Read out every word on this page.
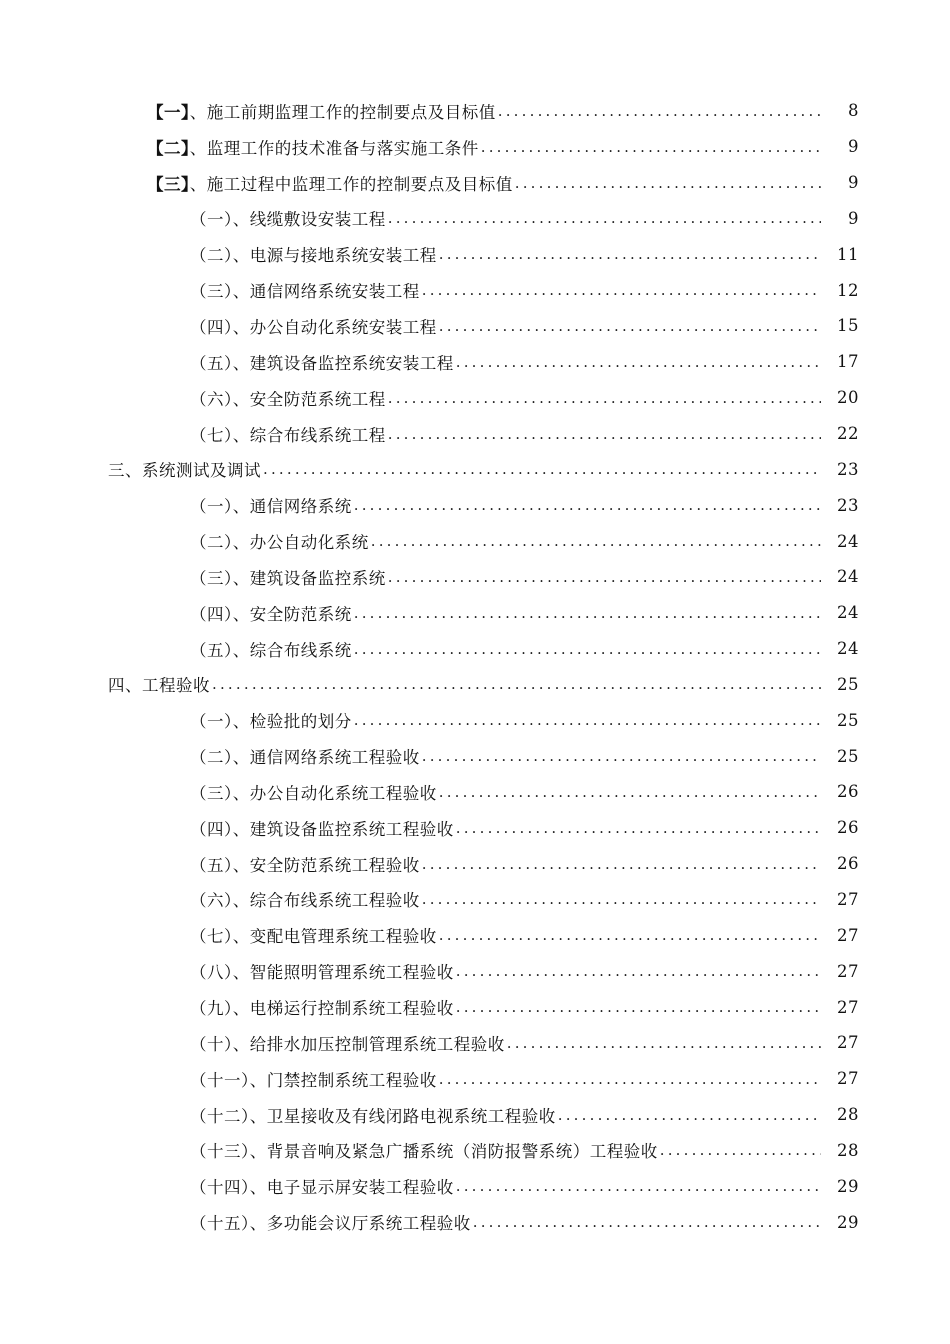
【一】、施工前期监理工作的控制要点及目标值 .....	8
【二】、监理工作的技术准备与落实施工条件 .....	9
【三】、施工过程中监理工作的控制要点及目标值 .....	9
（一）、线缆敷设安装工程 .....	9
（二）、电源与接地系统安装工程 .....	11
（三）、通信网络系统安装工程 .....	12
（四）、办公自动化系统安装工程 .....	15
（五）、建筑设备监控系统安装工程 .....	17
（六）、安全防范系统工程 .....	20
（七）、综合布线系统工程 .....	22
三、系统测试及调试 .....	23
（一）、通信网络系统 .....	23
（二）、办公自动化系统 .....	24
（三）、建筑设备监控系统 .....	24
（四）、安全防范系统 .....	24
（五）、综合布线系统 .....	24
四、工程验收 .....	25
（一）、检验批的划分 .....	25
（二）、通信网络系统工程验收 .....	25
（三）、办公自动化系统工程验收 .....	26
（四）、建筑设备监控系统工程验收 .....	26
（五）、安全防范系统工程验收 .....	26
（六）、综合布线系统工程验收 .....	27
（七）、变配电管理系统工程验收 .....	27
（八）、智能照明管理系统工程验收 .....	27
（九）、电梯运行控制系统工程验收 .....	27
（十）、给排水加压控制管理系统工程验收 .....	27
（十一）、门禁控制系统工程验收 .....	27
（十二）、卫星接收及有线闭路电视系统工程验收 .....	28
（十三）、背景音响及紧急广播系统（消防报警系统）工程验收 .....	28
（十四）、电子显示屏安装工程验收 .....	29
（十五）、多功能会议厅系统工程验收 .....	29
